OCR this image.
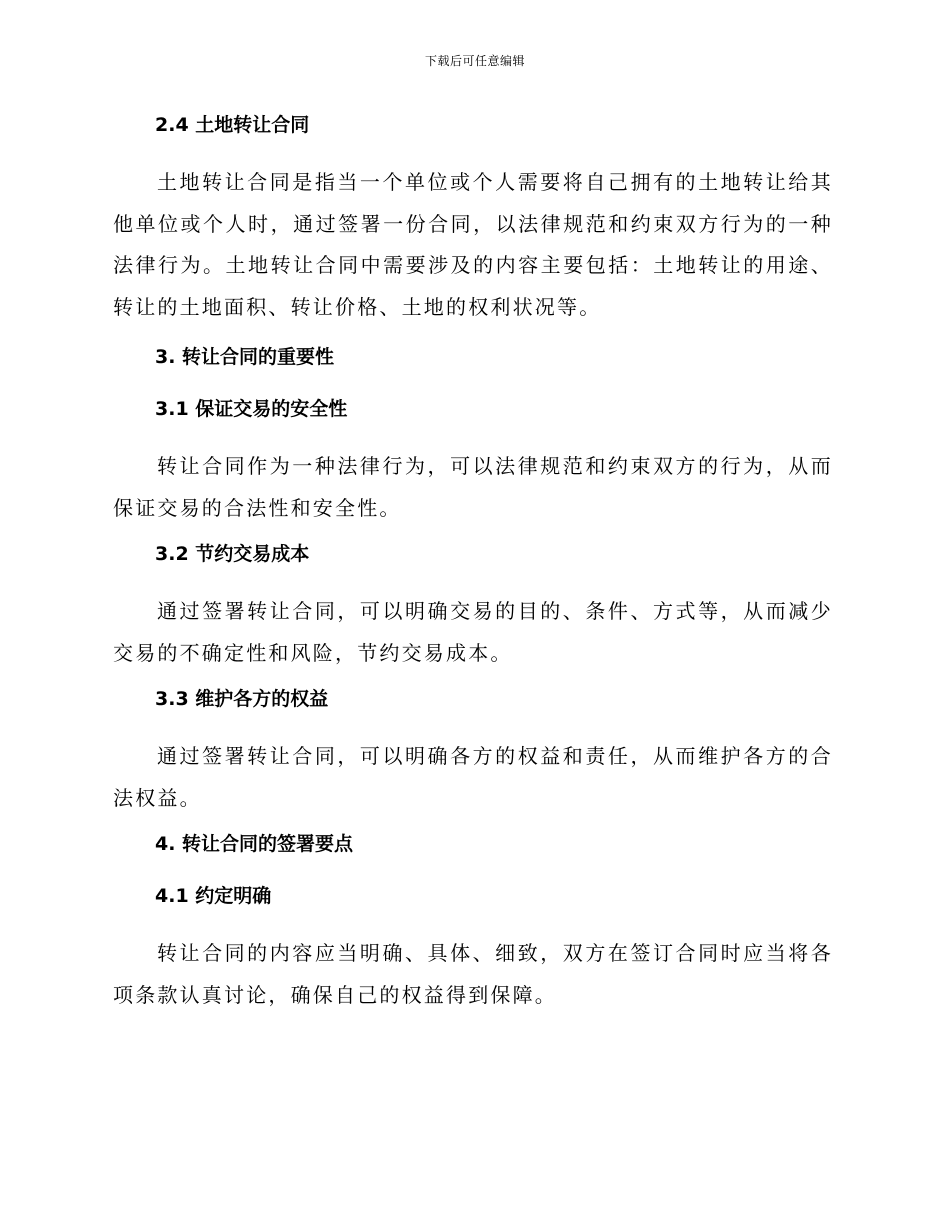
下载后可任意编辑
2.4 土地转让合同

土地转让合同是指当一个单位或个人需要将自己拥有的土地转让给其他单位或个人时，通过签署一份合同，以法律规范和约束双方行为的一种法律行为。土地转让合同中需要涉及的内容主要包括：土地转让的用途、转让的土地面积、转让价格、土地的权利状况等。

3. 转让合同的重要性
3.1 保证交易的安全性

转让合同作为一种法律行为，可以法律规范和约束双方的行为，从而保证交易的合法性和安全性。

3.2 节约交易成本

通过签署转让合同，可以明确交易的目的、条件、方式等，从而减少交易的不确定性和风险，节约交易成本。

3.3 维护各方的权益

通过签署转让合同，可以明确各方的权益和责任，从而维护各方的合法权益。

4. 转让合同的签署要点
4.1 约定明确

转让合同的内容应当明确、具体、细致，双方在签订合同时应当将各项条款认真讨论，确保自己的权益得到保障。
